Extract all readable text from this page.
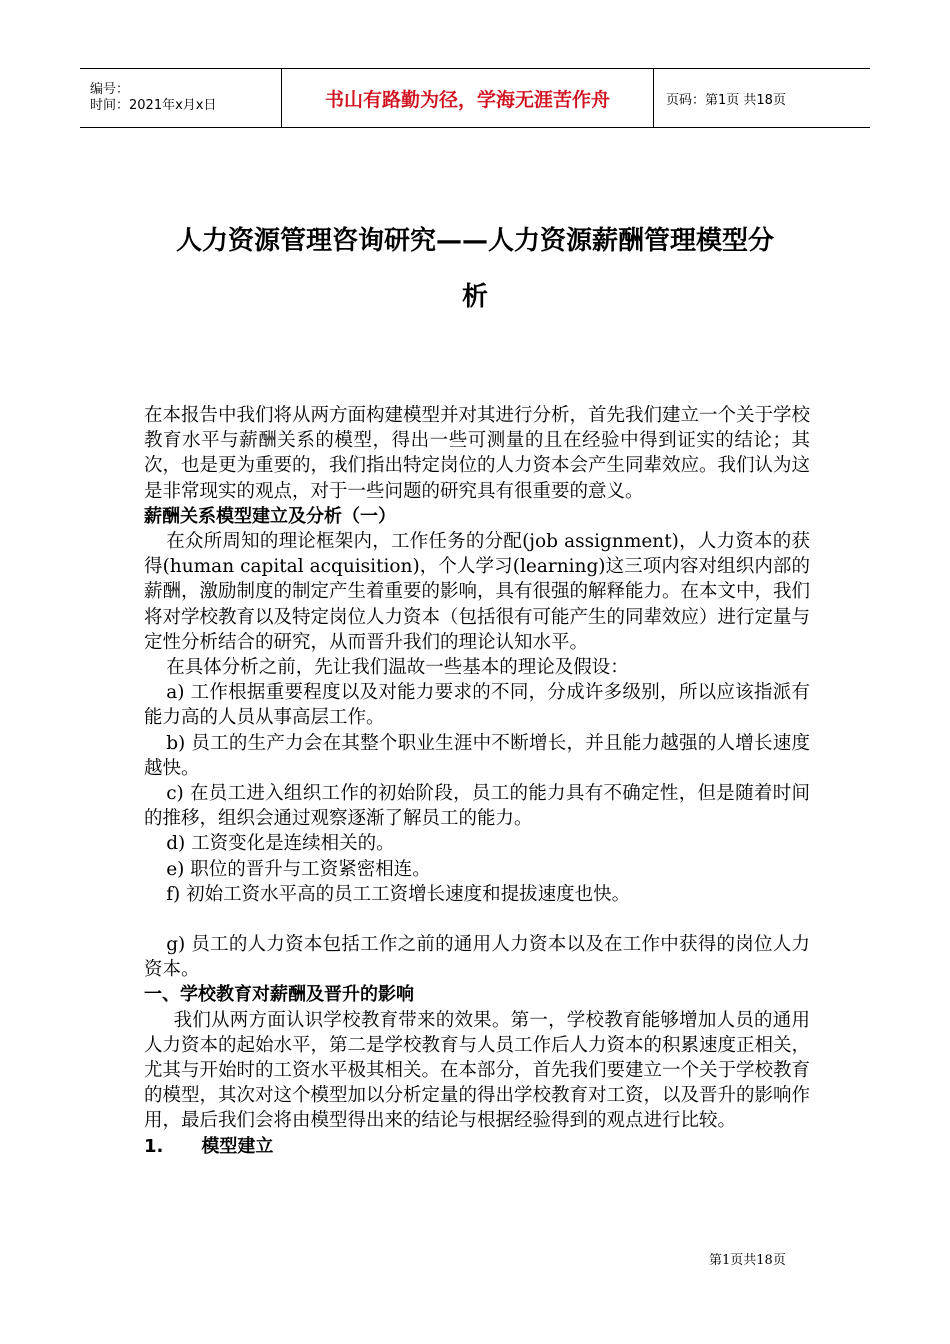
编号：
时间：2021年x月x日	书山有路勤为径，学海无涯苦作舟	页码：第1页 共18页
人力资源管理咨询研究——人力资源薪酬管理模型分
析

在本报告中我们将从两方面构建模型并对其进行分析，首先我们建立一个关于学校教育水平与薪酬关系的模型，得出一些可测量的且在经验中得到证实的结论；其次，也是更为重要的，我们指出特定岗位的人力资本会产生同辈效应。我们认为这是非常现实的观点，对于一些问题的研究具有很重要的意义。

薪酬关系模型建立及分析（一）

在众所周知的理论框架内，工作任务的分配(job assignment)，人力资本的获得(human capital acquisition)，个人学习(learning)这三项内容对组织内部的薪酬，激励制度的制定产生着重要的影响，具有很强的解释能力。在本文中，我们将对学校教育以及特定岗位人力资本（包括很有可能产生的同辈效应）进行定量与定性分析结合的研究，从而晋升我们的理论认知水平。

在具体分析之前，先让我们温故一些基本的理论及假设：

a) 工作根据重要程度以及对能力要求的不同，分成许多级别，所以应该指派有能力高的人员从事高层工作。

b) 员工的生产力会在其整个职业生涯中不断增长，并且能力越强的人增长速度越快。

c) 在员工进入组织工作的初始阶段，员工的能力具有不确定性，但是随着时间的推移，组织会通过观察逐渐了解员工的能力。

d) 工资变化是连续相关的。

e) 职位的晋升与工资紧密相连。

f) 初始工资水平高的员工工资增长速度和提拔速度也快。

g) 员工的人力资本包括工作之前的通用人力资本以及在工作中获得的岗位人力资本。

一、学校教育对薪酬及晋升的影响

我们从两方面认识学校教育带来的效果。第一，学校教育能够增加人员的通用人力资本的起始水平，第二是学校教育与人员工作后人力资本的积累速度正相关，尤其与开始时的工资水平极其相关。在本部分，首先我们要建立一个关于学校教育的模型，其次对这个模型加以分析定量的得出学校教育对工资，以及晋升的影响作用，最后我们会将由模型得出来的结论与根据经验得到的观点进行比较。

1. 模型建立

第1页共18页
